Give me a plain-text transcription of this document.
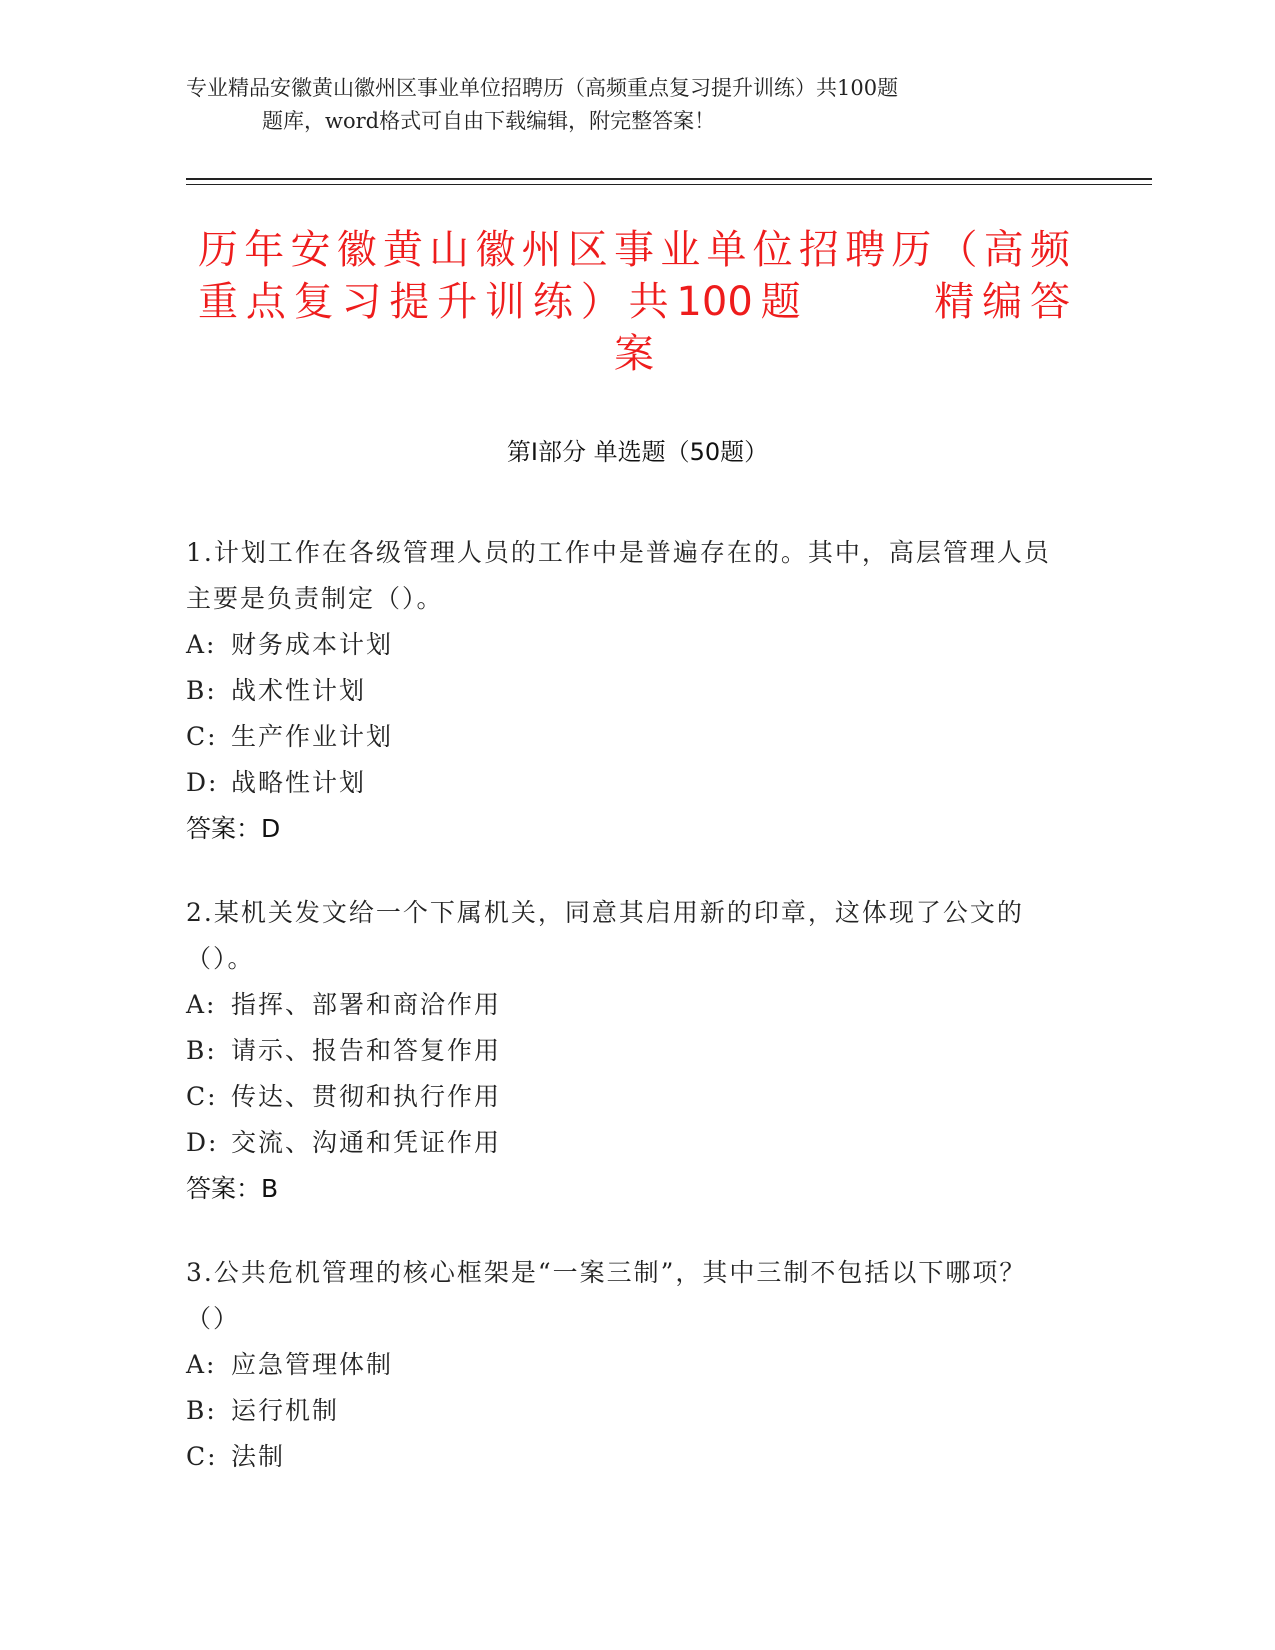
专业精品安徽黄山徽州区事业单位招聘历（高频重点复习提升训练）共100题
题库，word格式可自由下载编辑，附完整答案！
历年安徽黄山徽州区事业单位招聘历（高频
重点复习提升训练）共100题	精编答
案
第Ⅰ部分 单选题（50题）
1.计划工作在各级管理人员的工作中是普遍存在的。其中，高层管理人员主要是负责制定（）。
A: 财务成本计划
B: 战术性计划
C: 生产作业计划
D: 战略性计划
答案：D
2.某机关发文给一个下属机关，同意其启用新的印章，这体现了公文的（）。
A: 指挥、部署和商洽作用
B: 请示、报告和答复作用
C: 传达、贯彻和执行作用
D: 交流、沟通和凭证作用
答案：B
3.公共危机管理的核心框架是“一案三制”，其中三制不包括以下哪项？（）
A: 应急管理体制
B: 运行机制
C: 法制
